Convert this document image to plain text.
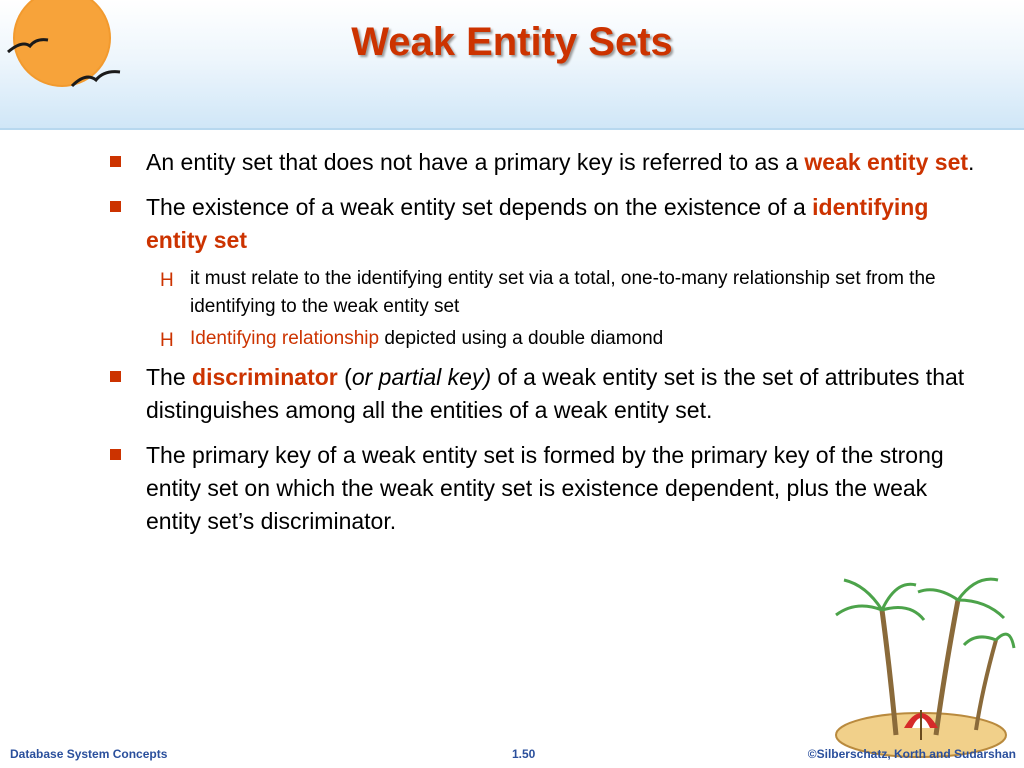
Weak Entity Sets
An entity set that does not have a primary key is referred to as a weak entity set.
The existence of a weak entity set depends on the existence of a identifying entity set
H it must relate to the identifying entity set via a total, one-to-many relationship set from the identifying to the weak entity set
H Identifying relationship depicted using a double diamond
The discriminator (or partial key) of a weak entity set is the set of attributes that distinguishes among all the entities of a weak entity set.
The primary key of a weak entity set is formed by the primary key of the strong entity set on which the weak entity set is existence dependent, plus the weak entity set’s discriminator.
Database System Concepts	1.50	©Silberschatz, Korth and Sudarshan
